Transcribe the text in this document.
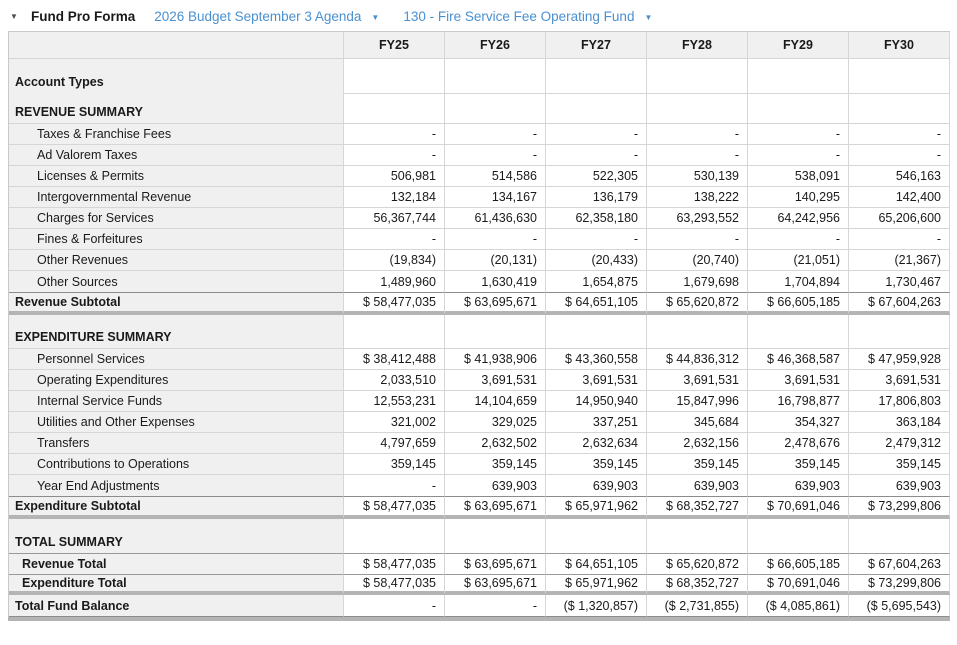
▼ Fund Pro Forma 2026 Budget September 3 Agenda ▼ 130 - Fire Service Fee Operating Fund ▼
	FY25	FY26	FY27	FY28	FY29	FY30
Account Types						
REVENUE SUMMARY						
Taxes & Franchise Fees	-	-	-	-	-	-
Ad Valorem Taxes	-	-	-	-	-	-
Licenses & Permits	506,981	514,586	522,305	530,139	538,091	546,163
Intergovernmental Revenue	132,184	134,167	136,179	138,222	140,295	142,400
Charges for Services	56,367,744	61,436,630	62,358,180	63,293,552	64,242,956	65,206,600
Fines & Forfeitures	-	-	-	-	-	-
Other Revenues	(19,834)	(20,131)	(20,433)	(20,740)	(21,051)	(21,367)
Other Sources	1,489,960	1,630,419	1,654,875	1,679,698	1,704,894	1,730,467
Revenue Subtotal	$ 58,477,035	$ 63,695,671	$ 64,651,105	$ 65,620,872	$ 66,605,185	$ 67,604,263
EXPENDITURE SUMMARY						
Personnel Services	$ 38,412,488	$ 41,938,906	$ 43,360,558	$ 44,836,312	$ 46,368,587	$ 47,959,928
Operating Expenditures	2,033,510	3,691,531	3,691,531	3,691,531	3,691,531	3,691,531
Internal Service Funds	12,553,231	14,104,659	14,950,940	15,847,996	16,798,877	17,806,803
Utilities and Other Expenses	321,002	329,025	337,251	345,684	354,327	363,184
Transfers	4,797,659	2,632,502	2,632,634	2,632,156	2,478,676	2,479,312
Contributions to Operations	359,145	359,145	359,145	359,145	359,145	359,145
Year End Adjustments	-	639,903	639,903	639,903	639,903	639,903
Expenditure Subtotal	$ 58,477,035	$ 63,695,671	$ 65,971,962	$ 68,352,727	$ 70,691,046	$ 73,299,806
TOTAL SUMMARY						
Revenue Total	$ 58,477,035	$ 63,695,671	$ 64,651,105	$ 65,620,872	$ 66,605,185	$ 67,604,263
Expenditure Total	$ 58,477,035	$ 63,695,671	$ 65,971,962	$ 68,352,727	$ 70,691,046	$ 73,299,806
Total Fund Balance	-	-	($ 1,320,857)	($ 2,731,855)	($ 4,085,861)	($ 5,695,543)
